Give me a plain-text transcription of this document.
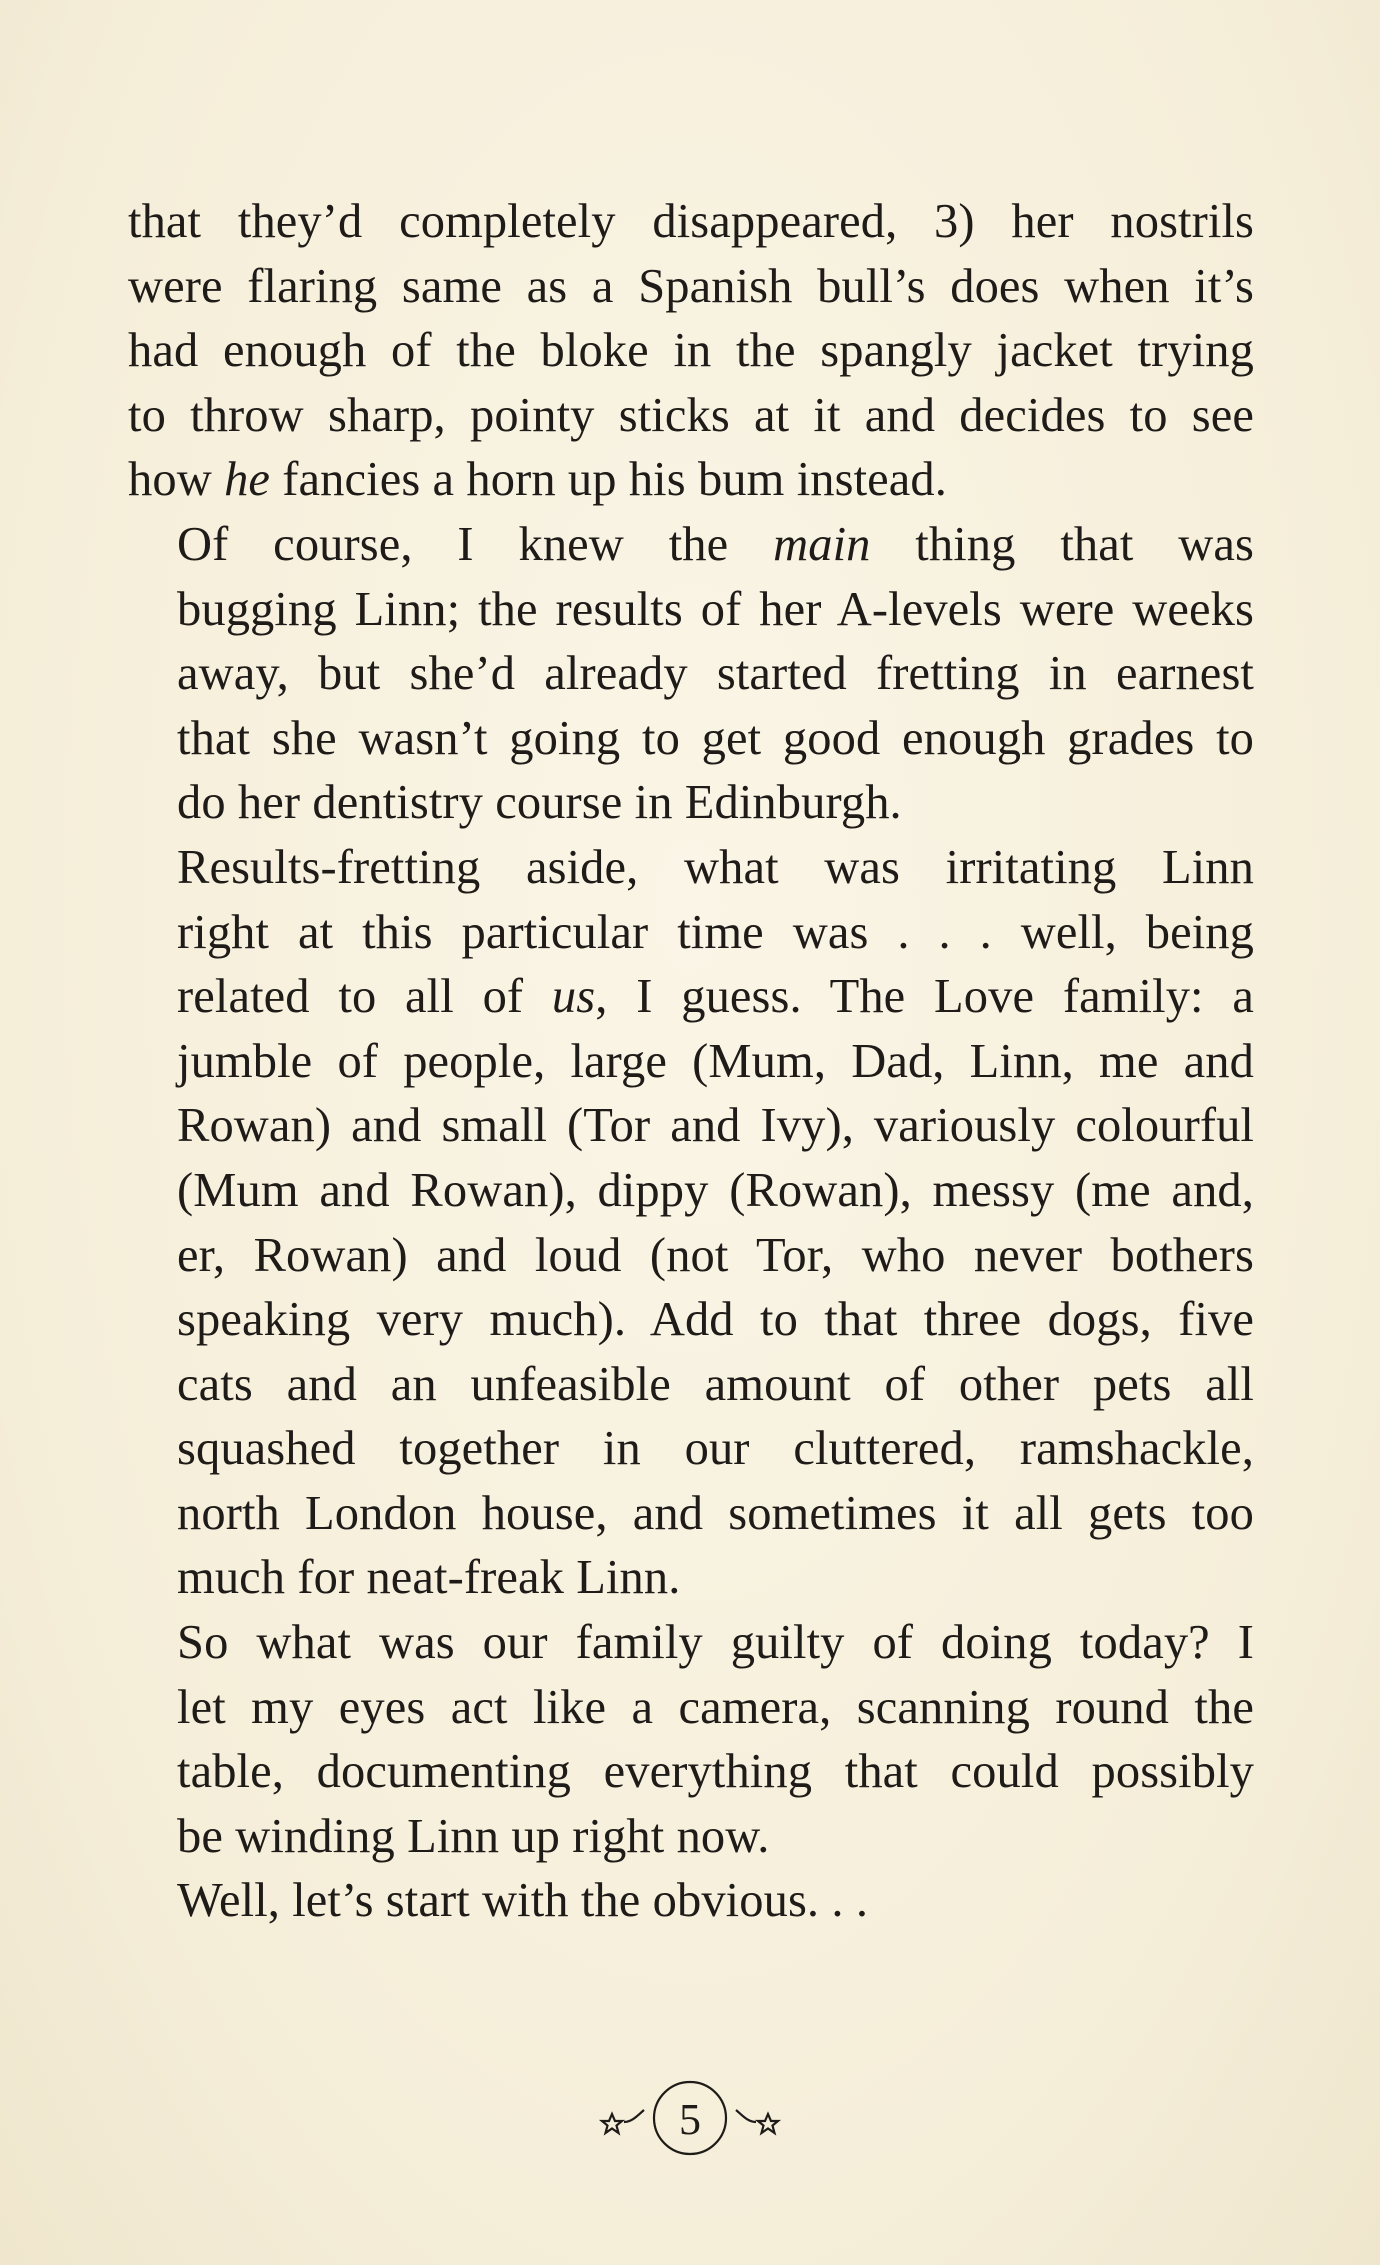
that they’d completely disappeared, 3) her nostrils
were flaring same as a Spanish bull’s does when it’s
had enough of the bloke in the spangly jacket trying
to throw sharp, pointy sticks at it and decides to see
how he fancies a horn up his bum instead.

Of course, I knew the main thing that was
bugging Linn; the results of her A-levels were weeks
away, but she’d already started fretting in earnest
that she wasn’t going to get good enough grades to
do her dentistry course in Edinburgh.

Results-fretting aside, what was irritating Linn
right at this particular time was . . . well, being
related to all of us, I guess. The Love family: a
jumble of people, large (Mum, Dad, Linn, me and
Rowan) and small (Tor and Ivy), variously colourful
(Mum and Rowan), dippy (Rowan), messy (me and,
er, Rowan) and loud (not Tor, who never bothers
speaking very much). Add to that three dogs, five
cats and an unfeasible amount of other pets all
squashed together in our cluttered, ramshackle,
north London house, and sometimes it all gets too
much for neat-freak Linn.

So what was our family guilty of doing today? I
let my eyes act like a camera, scanning round the
table, documenting everything that could possibly
be winding Linn up right now.

Well, let’s start with the obvious. . .

5
